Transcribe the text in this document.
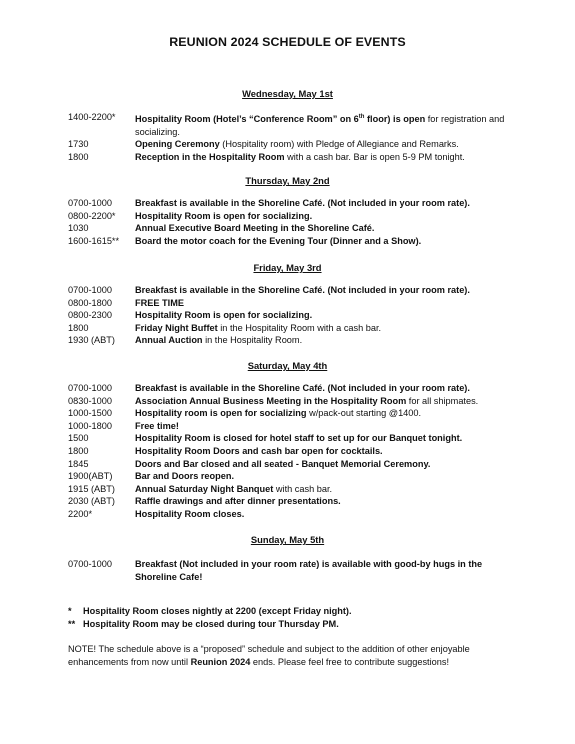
REUNION 2024 SCHEDULE OF EVENTS
Wednesday, May 1st
1400-2200*	Hospitality Room (Hotel’s “Conference Room” on 6th floor) is open for registration and socializing.
1730	Opening Ceremony (Hospitality room) with Pledge of Allegiance and Remarks.
1800	Reception in the Hospitality Room with a cash bar. Bar is open 5-9 PM tonight.
Thursday, May 2nd
0700-1000	Breakfast is available in the Shoreline Café. (Not included in your room rate).
0800-2200*	Hospitality Room is open for socializing.
1030	Annual Executive Board Meeting in the Shoreline Café.
1600-1615**	Board the motor coach for the Evening Tour (Dinner and a Show).
Friday, May 3rd
0700-1000	Breakfast is available in the Shoreline Café. (Not included in your room rate).
0800-1800	FREE TIME
0800-2300	Hospitality Room is open for socializing.
1800	Friday Night Buffet in the Hospitality Room with a cash bar.
1930 (ABT)	Annual Auction in the Hospitality Room.
Saturday, May 4th
0700-1000	Breakfast is available in the Shoreline Café. (Not included in your room rate).
0830-1000	Association Annual Business Meeting in the Hospitality Room for all shipmates.
1000-1500	Hospitality room is open for socializing w/pack-out starting @1400.
1000-1800	Free time!
1500	Hospitality Room is closed for hotel staff to set up for our Banquet tonight.
1800	Hospitality Room Doors and cash bar open for cocktails.
1845	Doors and Bar closed and all seated - Banquet Memorial Ceremony.
1900(ABT)	Bar and Doors reopen.
1915 (ABT)	Annual Saturday Night Banquet with cash bar.
2030 (ABT)	Raffle drawings and after dinner presentations.
2200*	Hospitality Room closes.
Sunday, May 5th
0700-1000	Breakfast (Not included in your room rate) is available with good-by hugs in the Shoreline Cafe!
* Hospitality Room closes nightly at 2200 (except Friday night).
** Hospitality Room may be closed during tour Thursday PM.
NOTE! The schedule above is a “proposed” schedule and subject to the addition of other enjoyable enhancements from now until Reunion 2024 ends. Please feel free to contribute suggestions!
